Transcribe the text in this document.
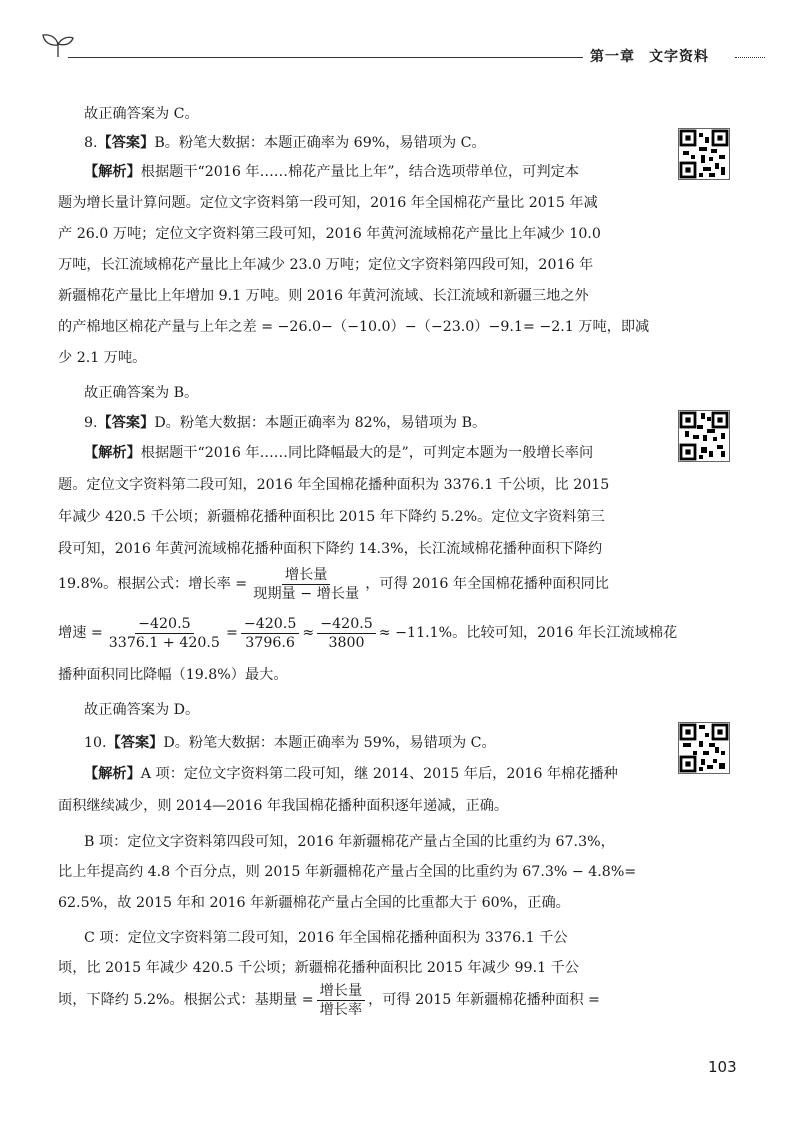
第一章 文字资料
故正确答案为 C。
8.【答案】B。粉笔大数据：本题正确率为 69%，易错项为 C。
【解析】根据题干“2016 年……棉花产量比上年”，结合选项带单位，可判定本
题为增长量计算问题。定位文字资料第一段可知，2016 年全国棉花产量比 2015 年减
产 26.0 万吨；定位文字资料第三段可知，2016 年黄河流域棉花产量比上年减少 10.0
万吨，长江流域棉花产量比上年减少 23.0 万吨；定位文字资料第四段可知，2016 年
新疆棉花产量比上年增加 9.1 万吨。则 2016 年黄河流域、长江流域和新疆三地之外
的产棉地区棉花产量与上年之差 = −26.0−（−10.0）−（−23.0）−9.1= −2.1 万吨，即减
少 2.1 万吨。
故正确答案为 B。
9.【答案】D。粉笔大数据：本题正确率为 82%，易错项为 B。
【解析】根据题干“2016 年……同比降幅最大的是”，可判定本题为一般增长率问
题。定位文字资料第二段可知，2016 年全国棉花播种面积为 3376.1 千公顷，比 2015
年减少 420.5 千公顷；新疆棉花播种面积比 2015 年下降约 5.2%。定位文字资料第三
段可知，2016 年黄河流域棉花播种面积下降约 14.3%，长江流域棉花播种面积下降约
19.8%。根据公式：增长率 = $\frac{\text{增长量}}{\text{现期量 − 增长量}}$ ，可得 2016 年全国棉花播种面积同比
增速 = $\frac{-420.5}{3376.1 + 420.5} = \frac{-420.5}{3796.6} \approx \frac{-420.5}{3800} \approx -11.1\%$。比较可知，2016 年长江流域棉花
播种面积同比降幅（19.8%）最大。
故正确答案为 D。
10.【答案】D。粉笔大数据：本题正确率为 59%，易错项为 C。
【解析】A 项：定位文字资料第二段可知，继 2014、2015 年后，2016 年棉花播种
面积继续减少，则 2014—2016 年我国棉花播种面积逐年递减，正确。
B 项：定位文字资料第四段可知，2016 年新疆棉花产量占全国的比重约为 67.3%，
比上年提高约 4.8 个百分点，则 2015 年新疆棉花产量占全国的比重约为 67.3% − 4.8%=
62.5%，故 2015 年和 2016 年新疆棉花产量占全国的比重都大于 60%，正确。
C 项：定位文字资料第二段可知，2016 年全国棉花播种面积为 3376.1 千公
顷，比 2015 年减少 420.5 千公顷；新疆棉花播种面积比 2015 年减少 99.1 千公
顷，下降约 5.2%。根据公式：基期量 = $\frac{\text{增长量}}{\text{增长率}}$ ，可得 2015 年新疆棉花播种面积 =
103
